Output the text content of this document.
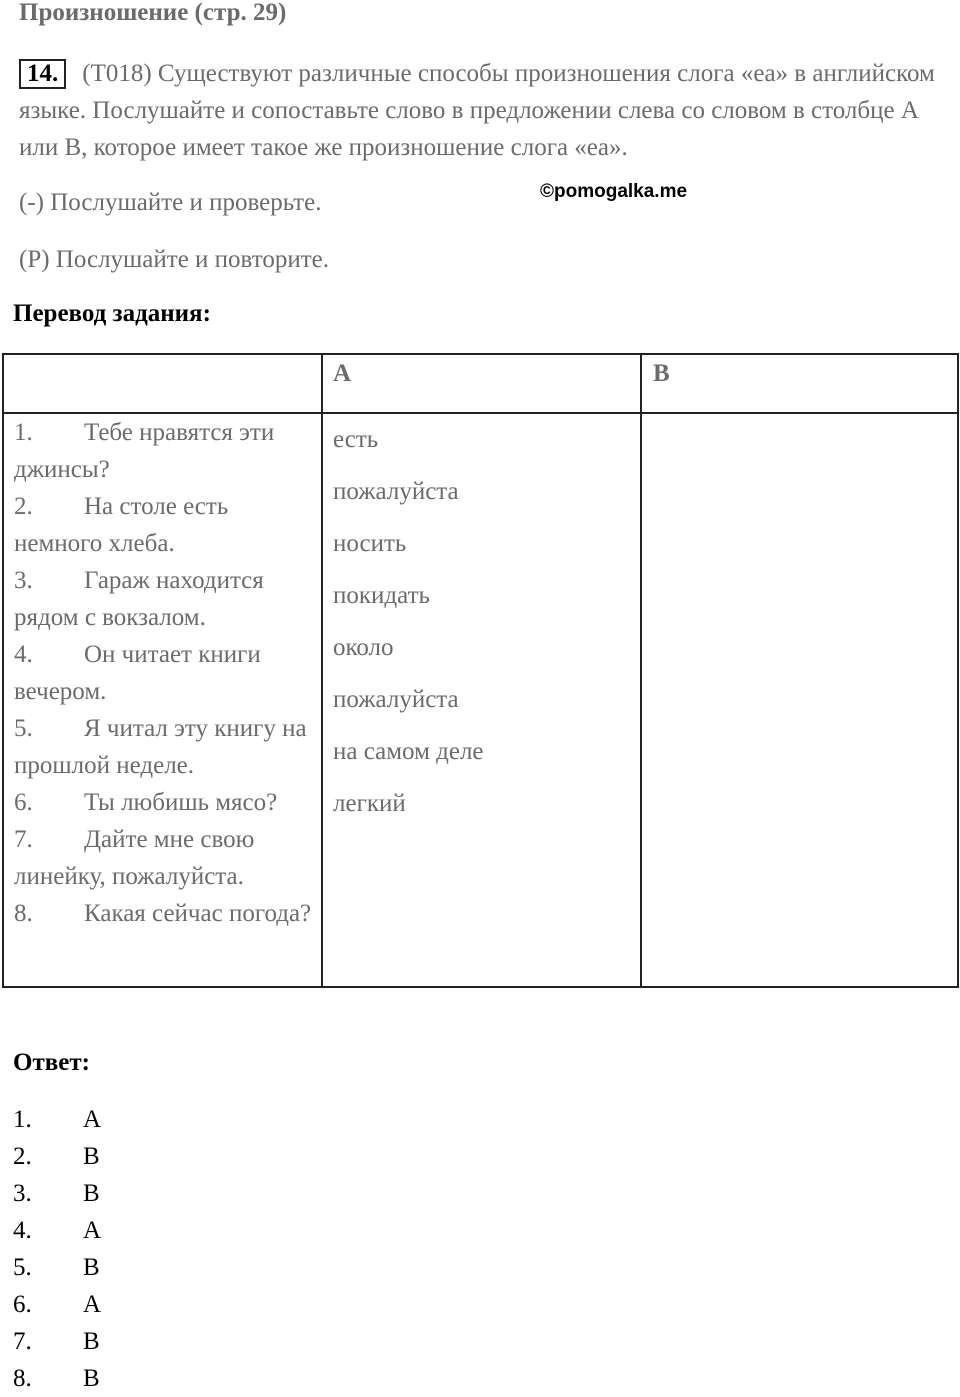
Произношение (стр. 29)
14. (T018) Существуют различные способы произношения слога «ea» в английском языке. Послушайте и сопоставьте слово в предложении слева со словом в столбце A или B, которое имеет такое же произношение слога «ea».
(-) Послушайте и проверьте.	©pomogalka.me
(P) Послушайте и повторите.
Перевод задания:
A	B
1. Тебе нравятся эти джинсы?
2. На столе есть немного хлеба.
3. Гараж находится рядом с вокзалом.
4. Он читает книги вечером.
5. Я читал эту книгу на прошлой неделе.
6. Ты любишь мясо?
7. Дайте мне свою линейку, пожалуйста.
8. Какая сейчас погода?
есть
пожалуйста
носить
покидать
около
пожалуйста
на самом деле
легкий
Ответ:
1. A
2. B
3. B
4. A
5. B
6. A
7. B
8. B
